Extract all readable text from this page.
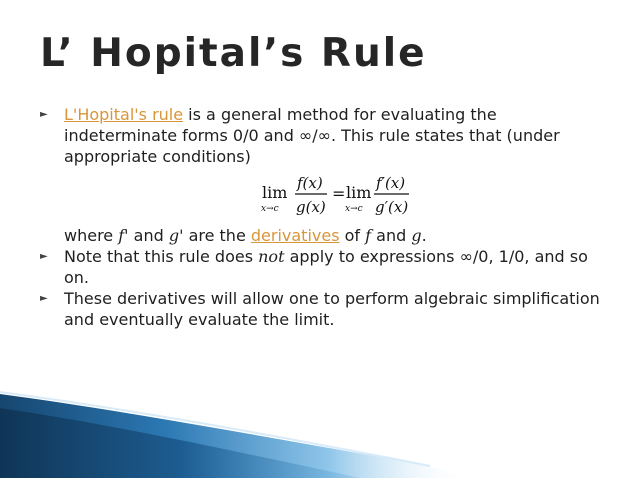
L’ Hopital’s Rule
► L'Hopital's rule is a general method for evaluating the indeterminate forms 0/0 and ∞/∞. This rule states that (under appropriate conditions)
lim
x→c
f(x)
g(x)
= lim
x→c
f′(x)
g′(x)
where f' and g' are the derivatives of f and g.
► Note that this rule does not apply to expressions ∞/0, 1/0, and so on.
► These derivatives will allow one to perform algebraic simplification and eventually evaluate the limit.
